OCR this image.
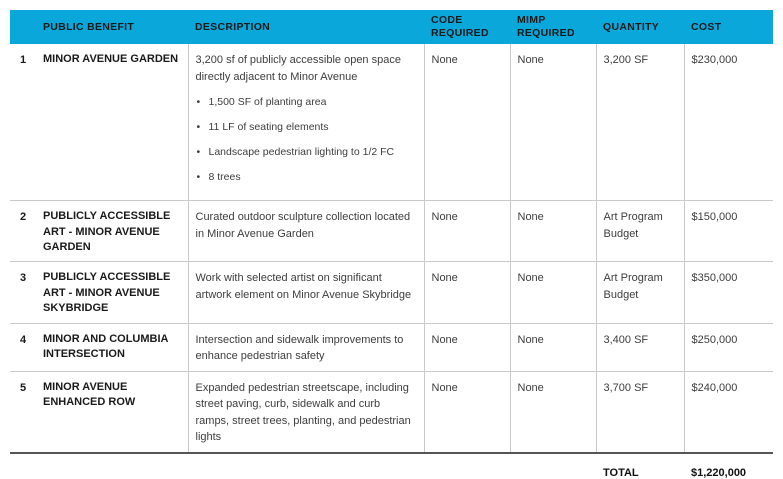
	PUBLIC BENEFIT	DESCRIPTION	CODE REQUIRED	MIMP REQUIRED	QUANTITY	COST
1	MINOR AVENUE GARDEN	3,200 sf of publicly accessible open space directly adjacent to Minor Avenue
• 1,500 SF of planting area
• 11 LF of seating elements
• Landscape pedestrian lighting to 1/2 FC
• 8 trees
	None	None	3,200 SF	$230,000
2	PUBLICLY ACCESSIBLE ART - MINOR AVENUE GARDEN	Curated outdoor sculpture collection located in Minor Avenue Garden	None	None	Art Program Budget	$150,000
3	PUBLICLY ACCESSIBLE ART - MINOR AVENUE SKYBRIDGE	Work with selected artist on significant artwork element on Minor Avenue Skybridge	None	None	Art Program Budget	$350,000
4	MINOR AND COLUMBIA INTERSECTION	Intersection and sidewalk improvements to enhance pedestrian safety	None	None	3,400 SF	$250,000
5	MINOR AVENUE ENHANCED ROW	Expanded pedestrian streetscape, including street paving, curb, sidewalk and curb ramps, street trees, planting, and pedestrian lights	None	None	3,700 SF	$240,000
					TOTAL	$1,220,000
